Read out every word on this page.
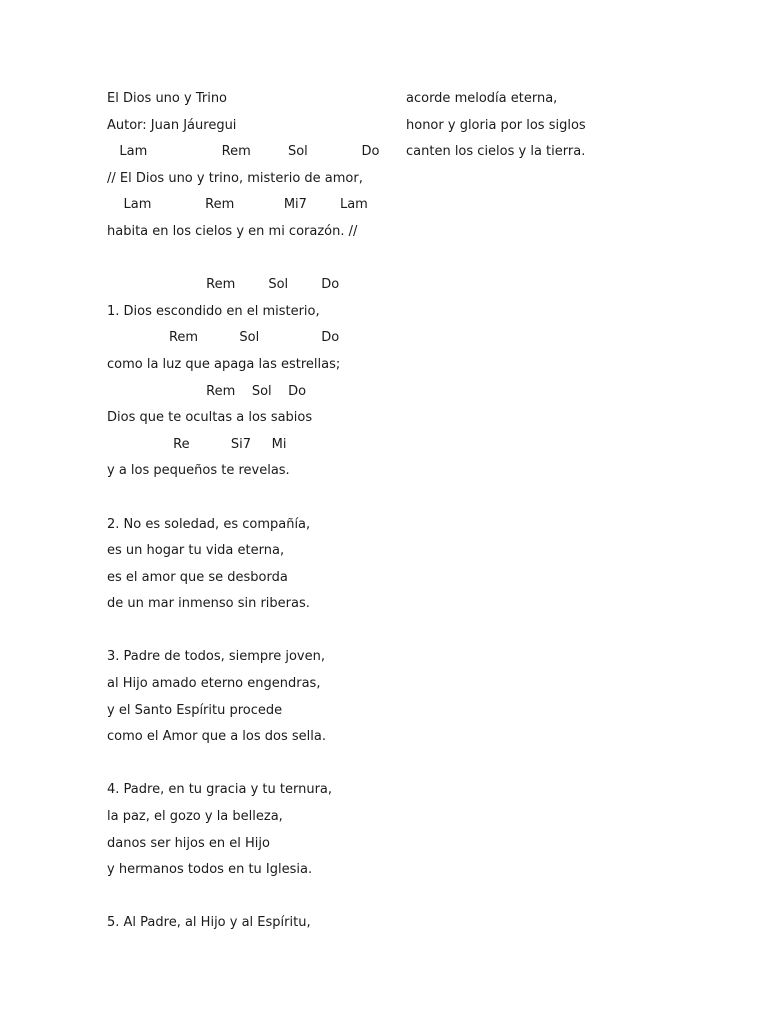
El Dios uno y Trino

Autor: Juan Jáuregui

Lam                  Rem         Sol             Do

// El Dios uno y trino, misterio de amor,

Lam             Rem            Mi7        Lam

habita en los cielos y en mi corazón. //

Rem        Sol        Do

1. Dios escondido en el misterio,

Rem          Sol               Do

como la luz que apaga las estrellas;

Rem    Sol    Do

Dios que te ocultas a los sabios

Re          Si7     Mi

y a los pequeños te revelas.

2. No es soledad, es compañía,

es un hogar tu vida eterna,

es el amor que se desborda

de un mar inmenso sin riberas.

3. Padre de todos, siempre joven,

al Hijo amado eterno engendras,

y el Santo Espíritu procede

como el Amor que a los dos sella.

4. Padre, en tu gracia y tu ternura,

la paz, el gozo y la belleza,

danos ser hijos en el Hijo

y hermanos todos en tu Iglesia.

5. Al Padre, al Hijo y al Espíritu,

acorde melodía eterna,

honor y gloria por los siglos

canten los cielos y la tierra.
